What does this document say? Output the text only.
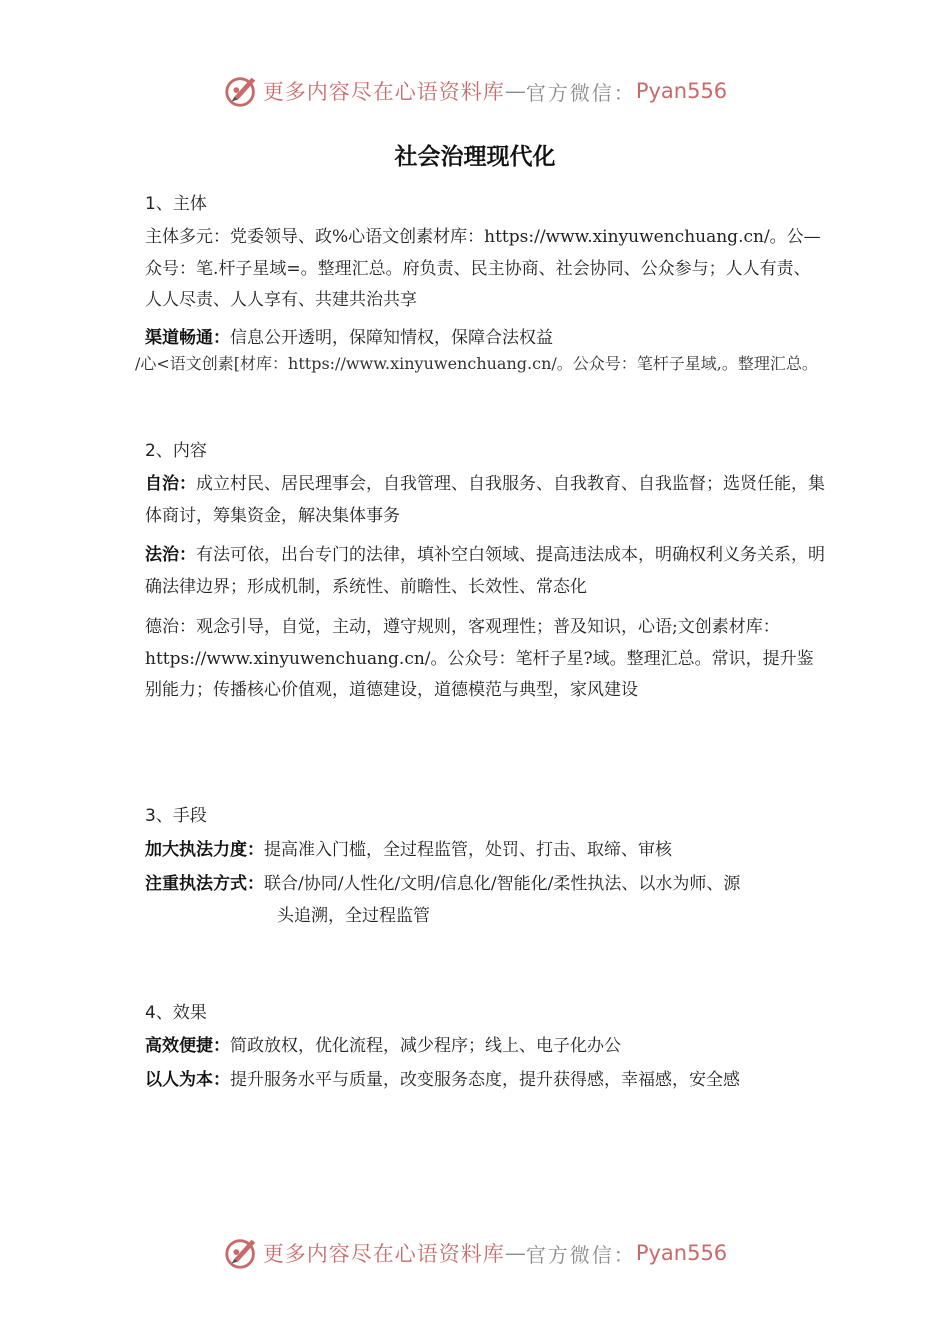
更多内容尽在心语资料库 — 官方微信： Pyan556
社会治理现代化
1、主体

主体多元：党委领导、政%心语文创素材库：https://www.xinyuwenchuang.cn/。公—众号：笔.杆子星域=。整理汇总。府负责、民主协商、社会协同、公众参与；人人有责、人人尽责、人人享有、共建共治共享

渠道畅通：信息公开透明，保障知情权，保障合法权益

/心<语文创素[材库：https://www.xinyuwenchuang.cn/。公众号：笔杆子星域,。整理汇总。

2、内容

自治：成立村民、居民理事会，自我管理、自我服务、自我教育、自我监督；选贤任能，集体商讨，筹集资金，解决集体事务

法治：有法可依，出台专门的法律，填补空白领域、提高违法成本，明确权利义务关系，明确法律边界；形成机制，系统性、前瞻性、长效性、常态化

德治：观念引导，自觉，主动，遵守规则，客观理性；普及知识，心语;文创素材库：https://www.xinyuwenchuang.cn/。公众号：笔杆子星?域。整理汇总。常识，提升鉴别能力；传播核心价值观，道德建设，道德模范与典型，家风建设

3、手段

加大执法力度：提高准入门槛，全过程监管，处罚、打击、取缔、审核

注重执法方式：联合/协同/人性化/文明/信息化/智能化/柔性执法、以水为师、源
头追溯，全过程监管

4、效果

高效便捷：简政放权，优化流程，减少程序；线上、电子化办公

以人为本：提升服务水平与质量，改变服务态度，提升获得感，幸福感，安全感

更多内容尽在心语资料库 — 官方微信： Pyan556
